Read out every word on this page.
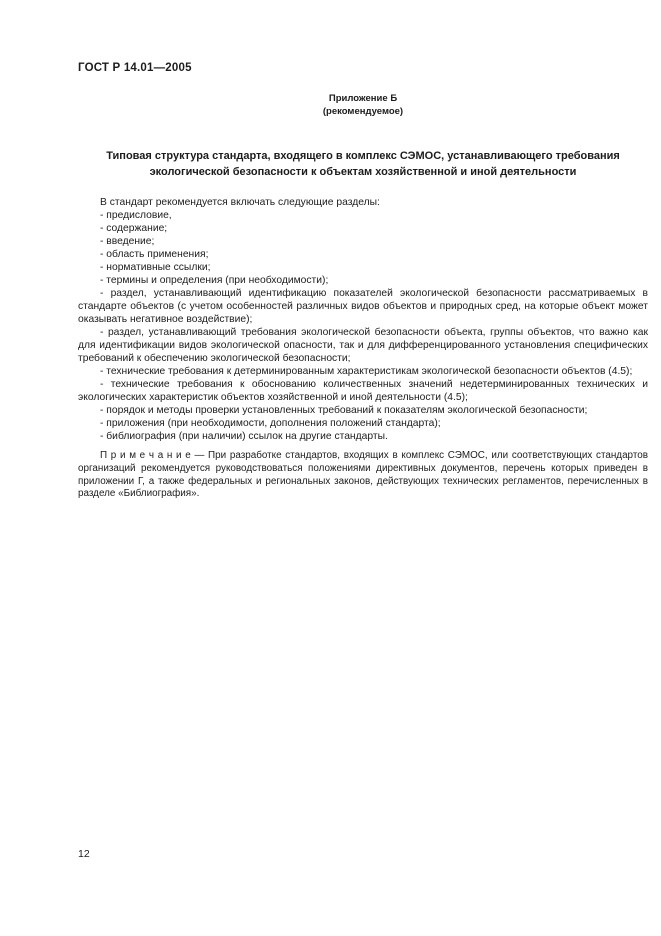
ГОСТ Р 14.01—2005
Приложение Б
(рекомендуемое)
Типовая структура стандарта, входящего в комплекс СЭМОС, устанавливающего требования экологической безопасности к объектам хозяйственной и иной деятельности

В стандарт рекомендуется включать следующие разделы:

- предисловие,

- содержание;

- введение;

- область применения;

- нормативные ссылки;

- термины и определения (при необходимости);

- раздел, устанавливающий идентификацию показателей экологической безопасности рассматриваемых в стандарте объектов (с учетом особенностей различных видов объектов и природных сред, на которые объект может оказывать негативное воздействие);

- раздел, устанавливающий требования экологической безопасности объекта, группы объектов, что важно как для идентификации видов экологической опасности, так и для дифференцированного установления специфических требований к обеспечению экологической безопасности;

- технические требования к детерминированным характеристикам экологической безопасности объектов (4.5);

- технические требования к обоснованию количественных значений недетерминированных технических и экологических характеристик объектов хозяйственной и иной деятельности (4.5);

- порядок и методы проверки установленных требований к показателям экологической безопасности;

- приложения (при необходимости, дополнения положений стандарта);

- библиография (при наличии) ссылок на другие стандарты.

П р и м е ч а н и е — При разработке стандартов, входящих в комплекс СЭМОС, или соответствующих стандартов организаций рекомендуется руководствоваться положениями директивных документов, перечень которых приведен в приложении Г, а также федеральных и региональных законов, действующих технических регламентов, перечисленных в разделе «Библиография».

12
